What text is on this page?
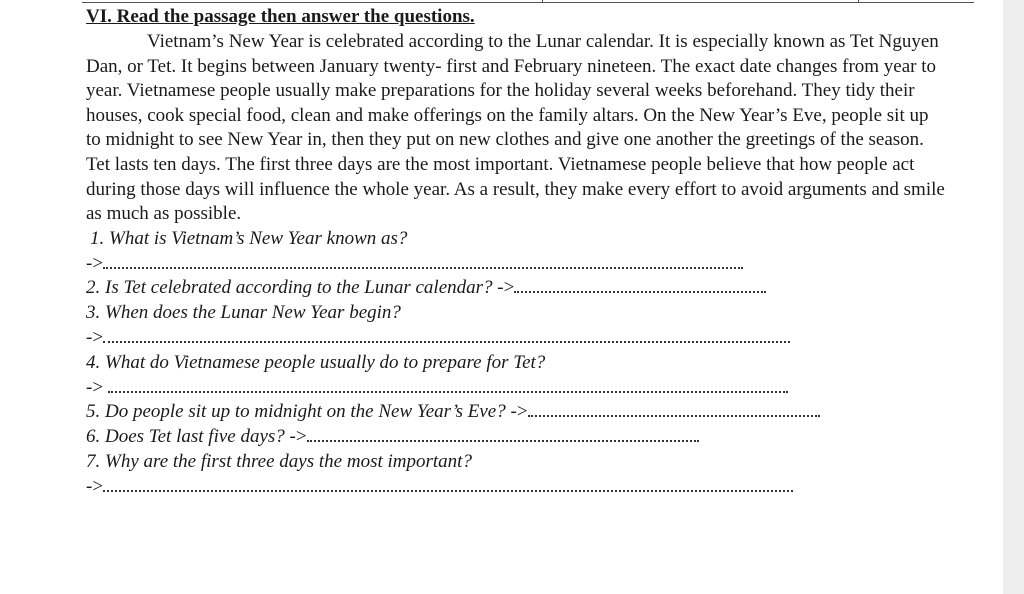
VI. Read the passage then answer the questions.

Vietnam’s New Year is celebrated according to the Lunar calendar. It is especially known as Tet Nguyen Dan, or Tet. It begins between January twenty- first and February nineteen. The exact date changes from year to year. Vietnamese people usually make preparations for the holiday several weeks beforehand. They tidy their houses, cook special food, clean and make offerings on the family altars. On the New Year’s Eve, people sit up to midnight to see New Year in, then they put on new clothes and give one another the greetings of the season. Tet lasts ten days. The first three days are the most important. Vietnamese people believe that how people act during those days will influence the whole year. As a result, they make every effort to avoid arguments and smile as much as possible.

1. What is Vietnam’s New Year known as?

->

2. Is Tet celebrated according to the Lunar calendar? ->

3. When does the Lunar New Year begin?

->

4. What do Vietnamese people usually do to prepare for Tet?

->

5. Do people sit up to midnight on the New Year’s Eve? ->

6. Does Tet last five days? ->

7. Why are the first three days the most important?

->
